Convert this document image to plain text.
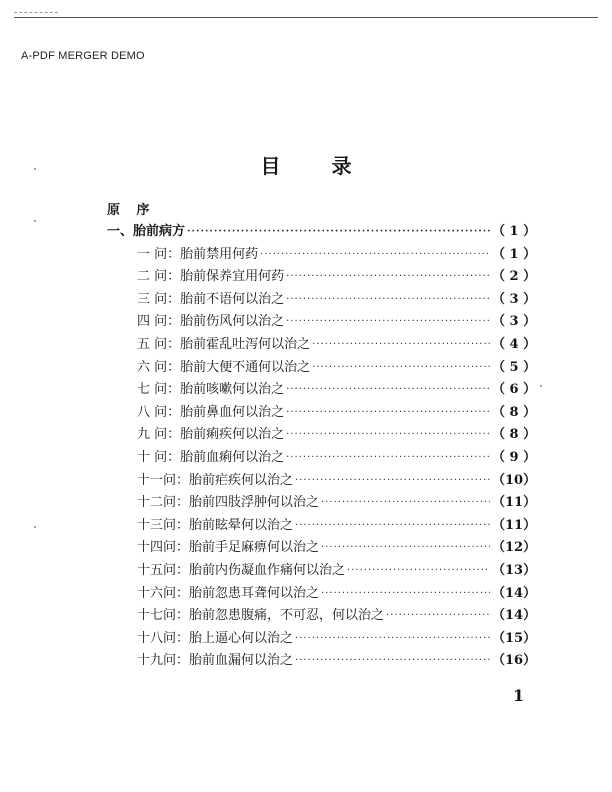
A-PDF MERGER DEMO
目 录
原 序
一、胎前病方 ·····	（ 1 ）
一 问： 胎前禁用何药 ·····	（ 1 ）
二 问： 胎前保养宜用何药 ·····	（ 2 ）
三 问： 胎前不语何以治之 ·····	（ 3 ）
四 问： 胎前伤风何以治之 ·····	（ 3 ）
五 问： 胎前霍乱吐泻何以治之 ·····	（ 4 ）
六 问： 胎前大便不通何以治之 ·····	（ 5 ）
七 问： 胎前咳嗽何以治之 ·····	（ 6 ）
八 问： 胎前鼻血何以治之 ·····	（ 8 ）
九 问： 胎前痢疾何以治之 ·····	（ 8 ）
十 问： 胎前血痢何以治之 ·····	（ 9 ）
十一问： 胎前疟疾何以治之 ·····	（10）
十二问： 胎前四肢浮肿何以治之 ·····	（11）
十三问： 胎前眩晕何以治之 ·····	（11）
十四问： 胎前手足麻痹何以治之 ·····	（12）
十五问： 胎前内伤凝血作痛何以治之 ·····	（13）
十六问： 胎前忽患耳聋何以治之 ·····	（14）
十七问： 胎前忽患腹痛，不可忍，何以治之 ·····	（14）
十八问： 胎上逼心何以治之 ·····	（15）
十九问： 胎前血漏何以治之 ·····	（16）
1
